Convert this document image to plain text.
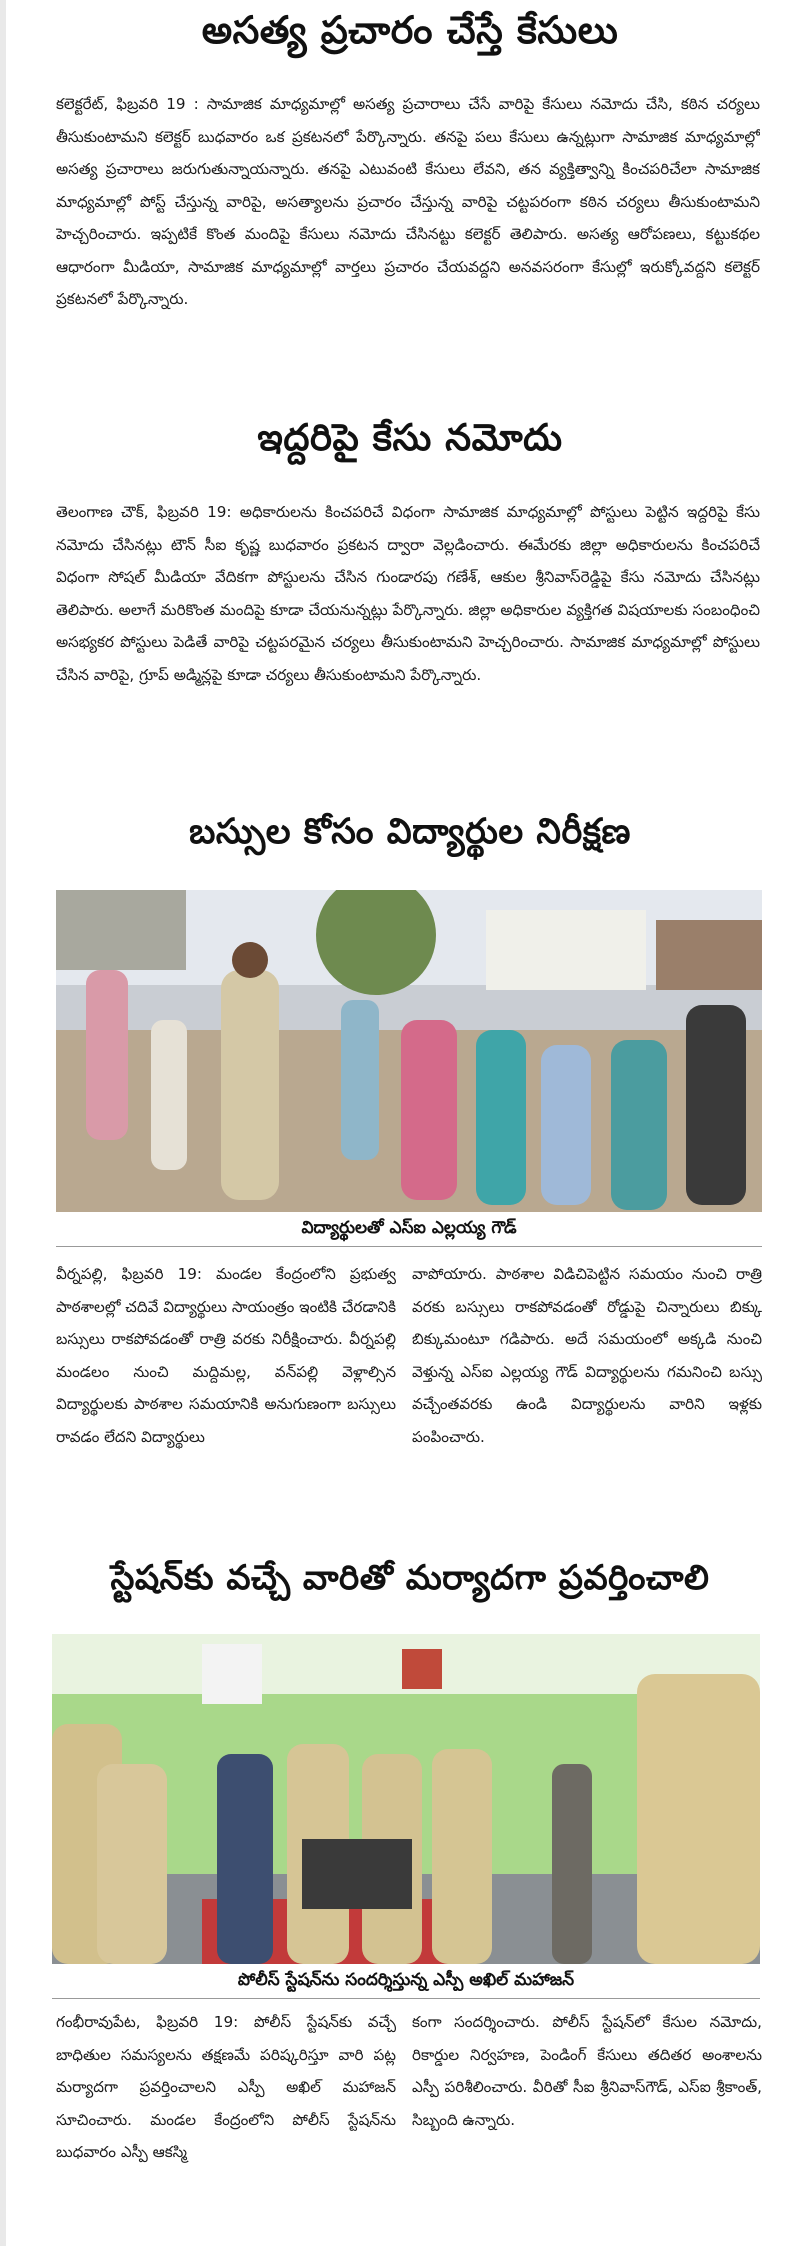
అసత్య ప్రచారం చేస్తే కేసులు
కలెక్టరేట్, ఫిబ్రవరి 19 : సామాజిక మాధ్యమాల్లో అసత్య ప్రచారాలు చేసే వారిపై కేసులు నమోదు చేసి, కఠిన చర్యలు తీసుకుంటామని కలెక్టర్ బుధవారం ఒక ప్రకటనలో పేర్కొన్నారు. తనపై పలు కేసులు ఉన్నట్లుగా సామాజిక మాధ్యమాల్లో అసత్య ప్రచారాలు జరుగుతున్నాయన్నారు. తనపై ఎటువంటి కేసులు లేవని, తన వ్యక్తిత్వాన్ని కించపరిచేలా సామాజిక మాధ్యమాల్లో పోస్ట్ చేస్తున్న వారిపై, అసత్యాలను ప్రచారం చేస్తున్న వారిపై చట్టపరంగా కఠిన చర్యలు తీసుకుంటామని హెచ్చరించారు. ఇప్పటికే కొంత మందిపై కేసులు నమోదు చేసినట్టు కలెక్టర్ తెలిపారు. అసత్య ఆరోపణలు, కట్టుకథల ఆధారంగా మీడియా, సామాజిక మాధ్యమాల్లో వార్తలు ప్రచారం చేయవద్దని అనవసరంగా కేసుల్లో ఇరుక్కోవద్దని కలెక్టర్ ప్రకటనలో పేర్కొన్నారు.
ఇద్దరిపై కేసు నమోదు
తెలంగాణ చౌక్, ఫిబ్రవరి 19: అధికారులను కించపరిచే విధంగా సామాజిక మాధ్యమాల్లో పోస్టులు పెట్టిన ఇద్దరిపై కేసు నమోదు చేసినట్లు టౌన్ సీఐ కృష్ణ బుధవారం ప్రకటన ద్వారా వెల్లడించారు. ఈమేరకు జిల్లా అధికారులను కించపరిచే విధంగా సోషల్ మీడియా వేదికగా పోస్టులను చేసిన గుండారపు గణేశ్, ఆకుల శ్రీనివాస్‌రెడ్డిపై కేసు నమోదు చేసినట్లు తెలిపారు. అలాగే మరికొంత మందిపై కూడా చేయనున్నట్లు పేర్కొన్నారు. జిల్లా అధికారుల వ్యక్తిగత విషయాలకు సంబంధించి అసభ్యకర పోస్టులు పెడితే వారిపై చట్టపరమైన చర్యలు తీసుకుంటామని హెచ్చరించారు. సామాజిక మాధ్యమాల్లో పోస్టులు చేసిన వారిపై, గ్రూప్ అడ్మిన్లపై కూడా చర్యలు తీసుకుంటామని పేర్కొన్నారు.
బస్సుల కోసం విద్యార్థుల నిరీక్షణ
విద్యార్థులతో ఎస్ఐ ఎల్లయ్య గౌడ్
వీర్నపల్లి, ఫిబ్రవరి 19: మండల కేంద్రంలోని ప్రభుత్వ పాఠశాలల్లో చదివే విద్యార్థులు సాయంత్రం ఇంటికి చేరడానికి బస్సులు రాకపోవడంతో రాత్రి వరకు నిరీక్షించారు. వీర్నపల్లి మండలం నుంచి మద్దిమల్ల, వన్‌పల్లి వెళ్లాల్సిన విద్యార్థులకు పాఠశాల సమయానికి అనుగుణంగా బస్సులు రావడం లేదని విద్యార్థులు
వాపోయారు. పాఠశాల విడిచిపెట్టిన సమయం నుంచి రాత్రి వరకు బస్సులు రాకపోవడంతో రోడ్డుపై చిన్నారులు బిక్కు బిక్కుమంటూ గడిపారు. అదే సమయంలో అక్కడి నుంచి వెళ్తున్న ఎస్ఐ ఎల్లయ్య గౌడ్ విద్యార్థులను గమనించి బస్సు వచ్చేంతవరకు ఉండి విద్యార్థులను వారిని ఇళ్లకు పంపించారు.
స్టేషన్‌కు వచ్చే వారితో మర్యాదగా ప్రవర్తించాలి
పోలీస్ స్టేషన్‌ను సందర్శిస్తున్న ఎస్పీ అఖిల్ మహాజన్
గంభీరావుపేట, ఫిబ్రవరి 19: పోలీస్ స్టేషన్‌కు వచ్చే బాధితుల సమస్యలను తక్షణమే పరిష్కరిస్తూ వారి పట్ల మర్యాదగా ప్రవర్తించాలని ఎస్పీ అఖిల్ మహాజన్ సూచించారు. మండల కేంద్రంలోని పోలీస్ స్టేషన్‌ను బుధవారం ఎస్పీ ఆకస్మి
కంగా సందర్శించారు. పోలీస్ స్టేషన్‌లో కేసుల నమోదు, రికార్డుల నిర్వహణ, పెండింగ్ కేసులు తదితర అంశాలను ఎస్పీ పరిశీలించారు. వీరితో సీఐ శ్రీనివాస్‌గౌడ్, ఎస్ఐ శ్రీకాంత్, సిబ్బంది ఉన్నారు.
